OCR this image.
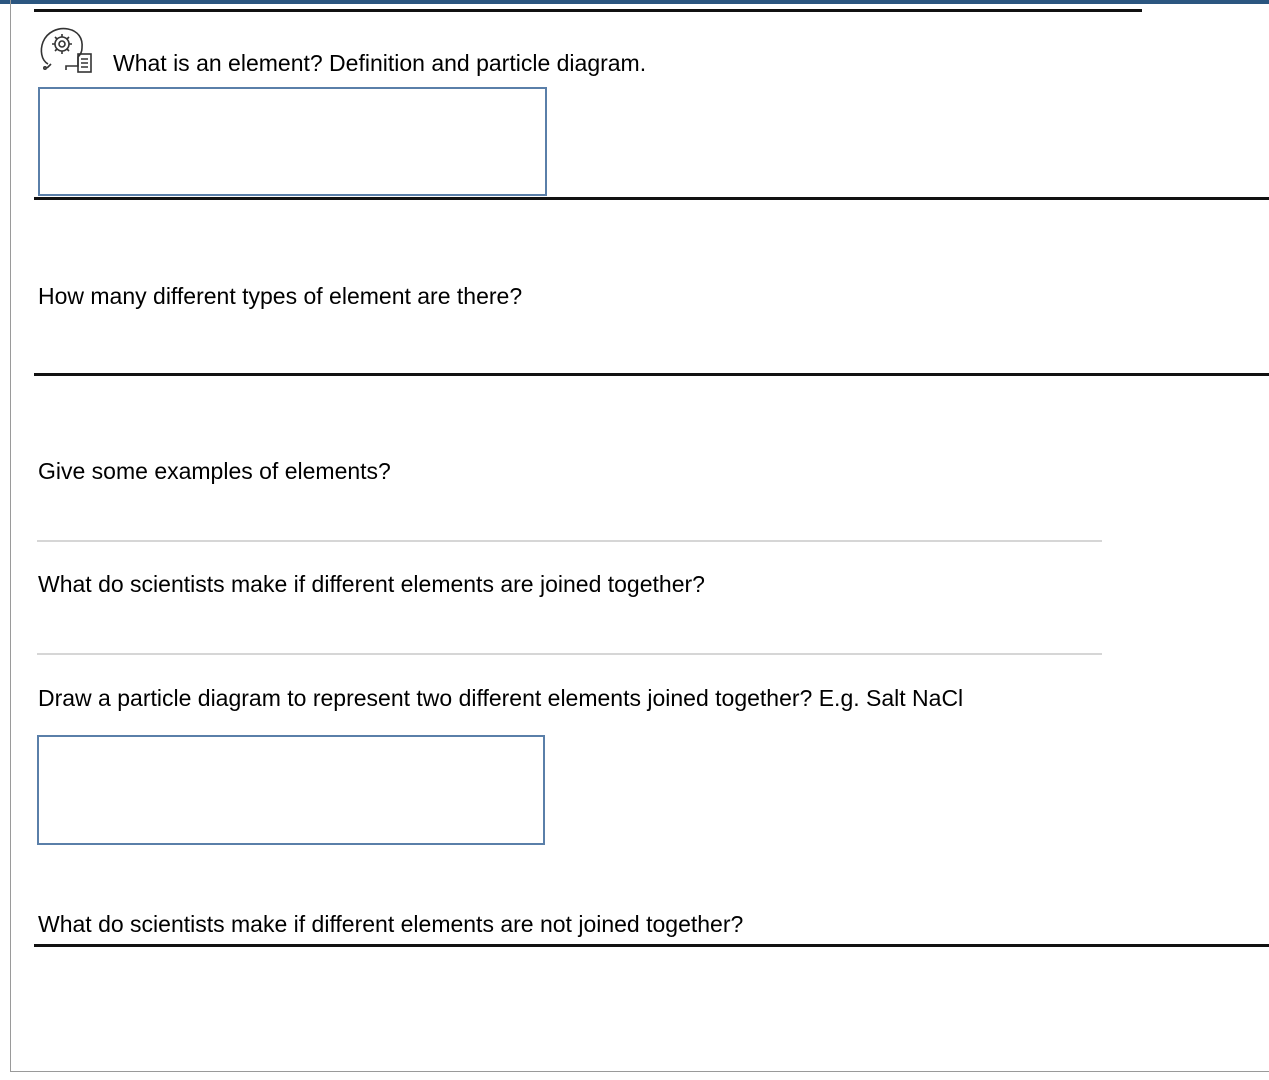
What is an element? Definition and particle diagram.
How many different types of element are there?
Give some examples of elements?
What do scientists make if different elements are joined together?
Draw a particle diagram to represent two different elements joined together? E.g. Salt NaCl
What do scientists make if different elements are not joined together?
